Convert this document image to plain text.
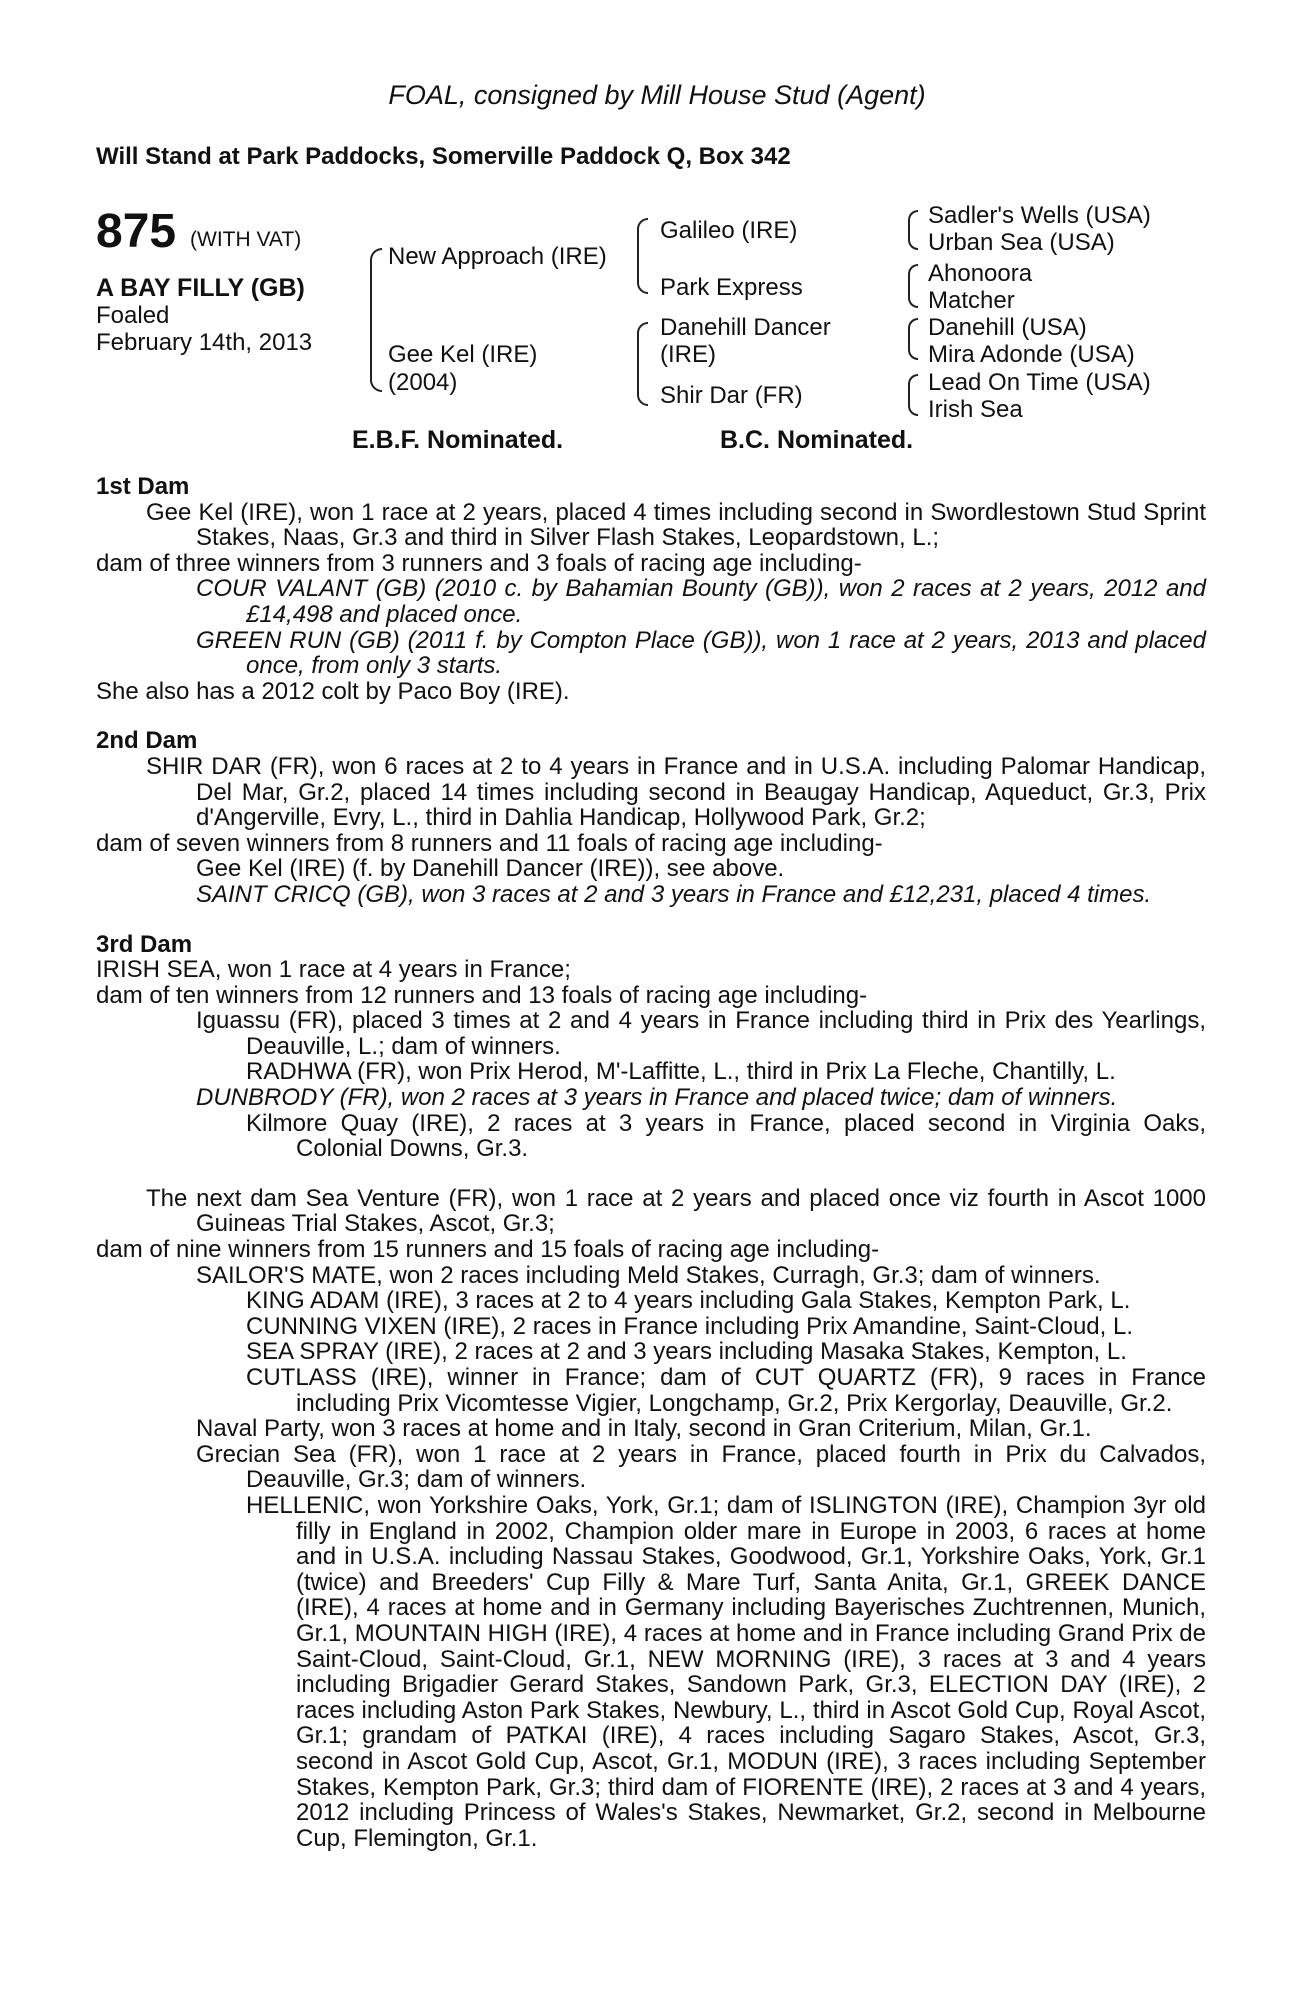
FOAL, consigned by Mill House Stud (Agent)
Will Stand at Park Paddocks, Somerville Paddock Q, Box 342
875 (WITH VAT)
A BAY FILLY (GB)
Foaled
February 14th, 2013
New Approach (IRE)
Gee Kel (IRE)
(2004)
Galileo (IRE)
Park Express
Danehill Dancer
(IRE)
Shir Dar (FR)
Sadler's Wells (USA)
Urban Sea (USA)
Ahonoora
Matcher
Danehill (USA)
Mira Adonde (USA)
Lead On Time (USA)
Irish Sea
E.B.F. Nominated.	B.C. Nominated.

1st Dam

Gee Kel (IRE), won 1 race at 2 years, placed 4 times including second in Swordlestown Stud Sprint Stakes, Naas, Gr.3 and third in Silver Flash Stakes, Leopardstown, L.;

dam of three winners from 3 runners and 3 foals of racing age including-

COUR VALANT (GB) (2010 c. by Bahamian Bounty (GB)), won 2 races at 2 years, 2012 and £14,498 and placed once.

GREEN RUN (GB) (2011 f. by Compton Place (GB)), won 1 race at 2 years, 2013 and placed once, from only 3 starts.

She also has a 2012 colt by Paco Boy (IRE).

2nd Dam

SHIR DAR (FR), won 6 races at 2 to 4 years in France and in U.S.A. including Palomar Handicap, Del Mar, Gr.2, placed 14 times including second in Beaugay Handicap, Aqueduct, Gr.3, Prix d'Angerville, Evry, L., third in Dahlia Handicap, Hollywood Park, Gr.2;

dam of seven winners from 8 runners and 11 foals of racing age including-

Gee Kel (IRE) (f. by Danehill Dancer (IRE)), see above.

SAINT CRICQ (GB), won 3 races at 2 and 3 years in France and £12,231, placed 4 times.

3rd Dam

IRISH SEA, won 1 race at 4 years in France;

dam of ten winners from 12 runners and 13 foals of racing age including-

Iguassu (FR), placed 3 times at 2 and 4 years in France including third in Prix des Yearlings, Deauville, L.; dam of winners.

RADHWA (FR), won Prix Herod, M'-Laffitte, L., third in Prix La Fleche, Chantilly, L.

DUNBRODY (FR), won 2 races at 3 years in France and placed twice; dam of winners.

Kilmore Quay (IRE), 2 races at 3 years in France, placed second in Virginia Oaks, Colonial Downs, Gr.3.

The next dam Sea Venture (FR), won 1 race at 2 years and placed once viz fourth in Ascot 1000 Guineas Trial Stakes, Ascot, Gr.3;

dam of nine winners from 15 runners and 15 foals of racing age including-

SAILOR'S MATE, won 2 races including Meld Stakes, Curragh, Gr.3; dam of winners.

KING ADAM (IRE), 3 races at 2 to 4 years including Gala Stakes, Kempton Park, L.

CUNNING VIXEN (IRE), 2 races in France including Prix Amandine, Saint-Cloud, L.

SEA SPRAY (IRE), 2 races at 2 and 3 years including Masaka Stakes, Kempton, L.

CUTLASS (IRE), winner in France; dam of CUT QUARTZ (FR), 9 races in France including Prix Vicomtesse Vigier, Longchamp, Gr.2, Prix Kergorlay, Deauville, Gr.2.

Naval Party, won 3 races at home and in Italy, second in Gran Criterium, Milan, Gr.1.

Grecian Sea (FR), won 1 race at 2 years in France, placed fourth in Prix du Calvados, Deauville, Gr.3; dam of winners.

HELLENIC, won Yorkshire Oaks, York, Gr.1; dam of ISLINGTON (IRE), Champion 3yr old filly in England in 2002, Champion older mare in Europe in 2003, 6 races at home and in U.S.A. including Nassau Stakes, Goodwood, Gr.1, Yorkshire Oaks, York, Gr.1 (twice) and Breeders' Cup Filly & Mare Turf, Santa Anita, Gr.1, GREEK DANCE (IRE), 4 races at home and in Germany including Bayerisches Zuchtrennen, Munich, Gr.1, MOUNTAIN HIGH (IRE), 4 races at home and in France including Grand Prix de Saint-Cloud, Saint-Cloud, Gr.1, NEW MORNING (IRE), 3 races at 3 and 4 years including Brigadier Gerard Stakes, Sandown Park, Gr.3, ELECTION DAY (IRE), 2 races including Aston Park Stakes, Newbury, L., third in Ascot Gold Cup, Royal Ascot, Gr.1; grandam of PATKAI (IRE), 4 races including Sagaro Stakes, Ascot, Gr.3, second in Ascot Gold Cup, Ascot, Gr.1, MODUN (IRE), 3 races including September Stakes, Kempton Park, Gr.3; third dam of FIORENTE (IRE), 2 races at 3 and 4 years, 2012 including Princess of Wales's Stakes, Newmarket, Gr.2, second in Melbourne Cup, Flemington, Gr.1.
